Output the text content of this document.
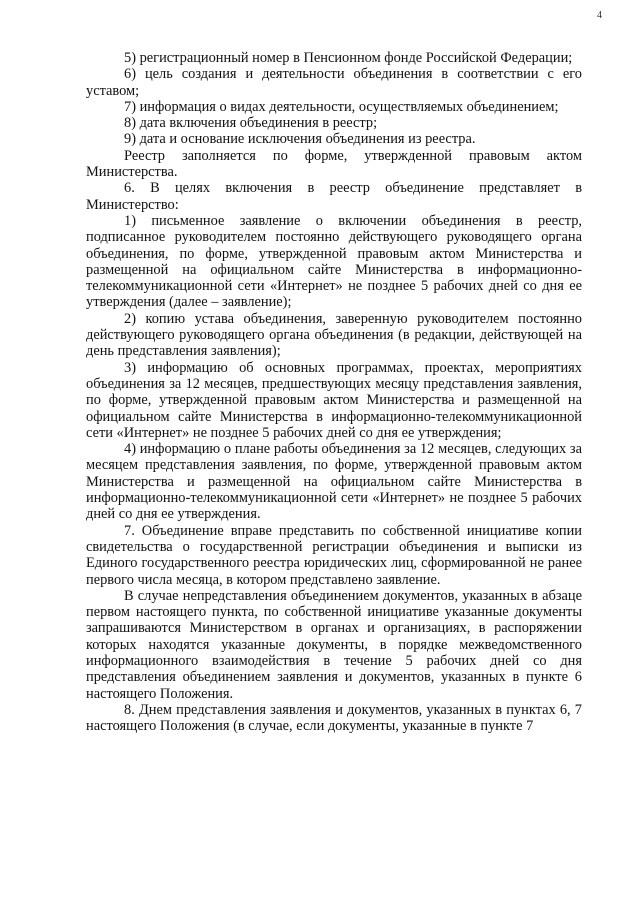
4

5) регистрационный номер в Пенсионном фонде Российской Федерации;

6) цель создания и деятельности объединения в соответствии с его уставом;

7) информация о видах деятельности, осуществляемых объединением;

8) дата включения объединения в реестр;

9) дата и основание исключения объединения из реестра.

Реестр заполняется по форме, утвержденной правовым актом Министерства.

6. В целях включения в реестр объединение представляет в Министерство:

1) письменное заявление о включении объединения в реестр, подписанное руководителем постоянно действующего руководящего органа объединения, по форме, утвержденной правовым актом Министерства и размещенной на официальном сайте Министерства в информационно-телекоммуникационной сети «Интернет» не позднее 5 рабочих дней со дня ее утверждения (далее – заявление);

2) копию устава объединения, заверенную руководителем постоянно действующего руководящего органа объединения (в редакции, действующей на день представления заявления);

3) информацию об основных программах, проектах, мероприятиях объединения за 12 месяцев, предшествующих месяцу представления заявления, по форме, утвержденной правовым актом Министерства и размещенной на официальном сайте Министерства в информационно-телекоммуникационной сети «Интернет» не позднее 5 рабочих дней со дня ее утверждения;

4) информацию о плане работы объединения за 12 месяцев, следующих за месяцем представления заявления, по форме, утвержденной правовым актом Министерства и размещенной на официальном сайте Министерства в информационно-телекоммуникационной сети «Интернет» не позднее 5 рабочих дней со дня ее утверждения.

7. Объединение вправе представить по собственной инициативе копии свидетельства о государственной регистрации объединения и выписки из Единого государственного реестра юридических лиц, сформированной не ранее первого числа месяца, в котором представлено заявление.

В случае непредставления объединением документов, указанных в абзаце первом настоящего пункта, по собственной инициативе указанные документы запрашиваются Министерством в органах и организациях, в распоряжении которых находятся указанные документы, в порядке межведомственного информационного взаимодействия в течение 5 рабочих дней со дня представления объединением заявления и документов, указанных в пункте 6 настоящего Положения.

8. Днем представления заявления и документов, указанных в пунктах 6, 7 настоящего Положения (в случае, если документы, указанные в пункте 7
